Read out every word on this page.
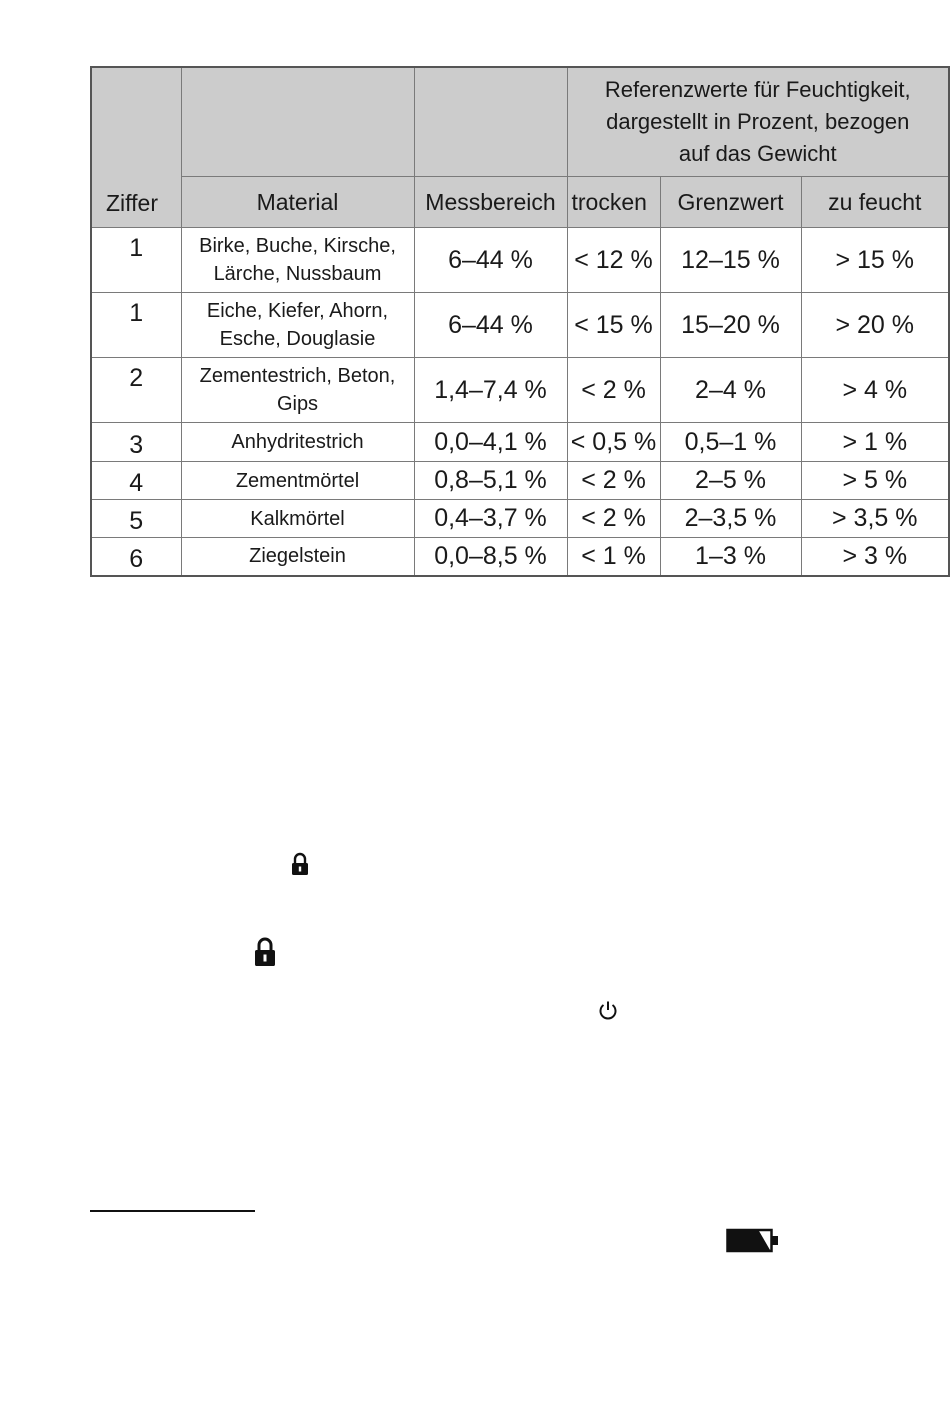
Ziffer			Referenzwerte für Feuchtigkeit,
dargestellt in Prozent, bezogen
auf das Gewicht		
	Material	Messbereich	trocken	Grenzwert	zu feucht
1	Birke, Buche, Kirsche,
Lärche, Nussbaum	6–44 %	< 12 %	12–15 %	> 15 %
1	Eiche, Kiefer, Ahorn,
Esche, Douglasie	6–44 %	< 15 %	15–20 %	> 20 %
2	Zementestrich, Beton,
Gips	1,4–7,4 %	< 2 %	2–4 %	> 4 %
3	Anhydritestrich	0,0–4,1 %	< 0,5 %	0,5–1 %	> 1 %
4	Zementmörtel	0,8–5,1 %	< 2 %	2–5 %	> 5 %
5	Kalkmörtel	0,4–3,7 %	< 2 %	2–3,5 %	> 3,5 %
6	Ziegelstein	0,0–8,5 %	< 1 %	1–3 %	> 3 %
